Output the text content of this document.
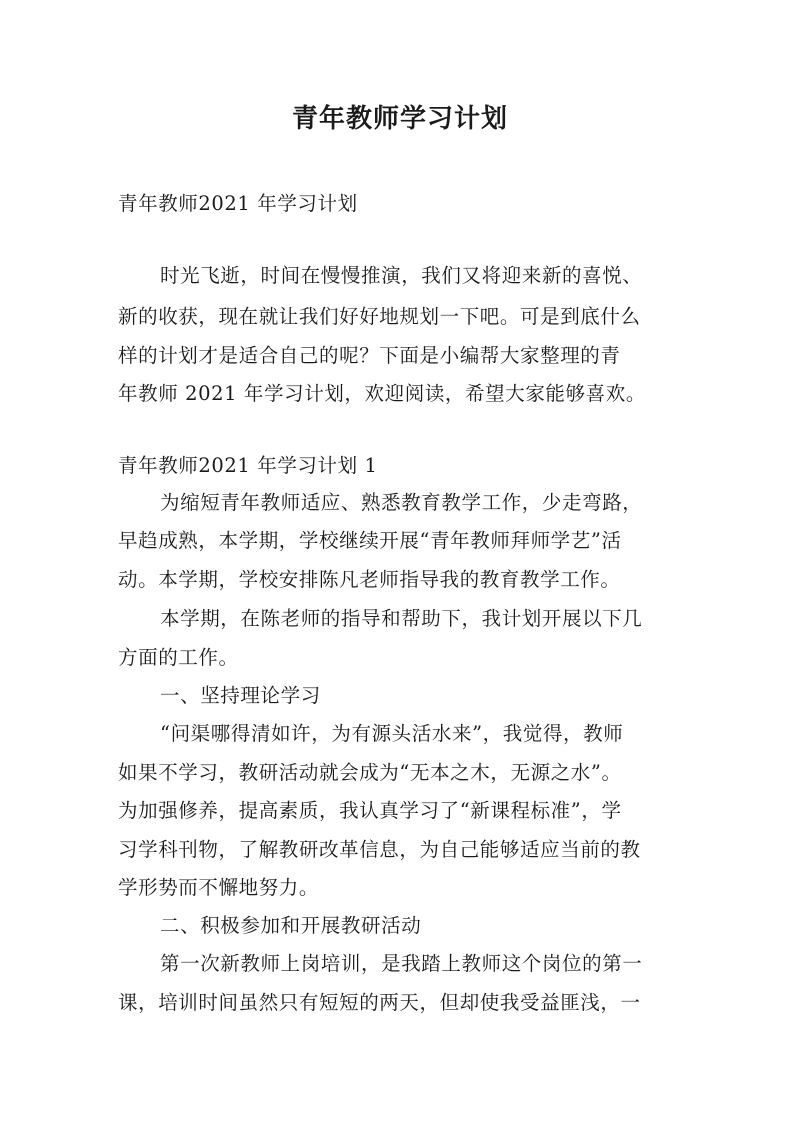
青年教师学习计划
青年教师2021 年学习计划
时光飞逝，时间在慢慢推演，我们又将迎来新的喜悦、
新的收获，现在就让我们好好地规划一下吧。可是到底什么
样的计划才是适合自己的呢？下面是小编帮大家整理的青
年教师 2021 年学习计划，欢迎阅读，希望大家能够喜欢。
青年教师2021 年学习计划 1
为缩短青年教师适应、熟悉教育教学工作，少走弯路，
早趋成熟，本学期，学校继续开展“青年教师拜师学艺”活
动。本学期，学校安排陈凡老师指导我的教育教学工作。
本学期，在陈老师的指导和帮助下，我计划开展以下几
方面的工作。
一、坚持理论学习
“问渠哪得清如许，为有源头活水来”，我觉得，教师
如果不学习，教研活动就会成为“无本之木，无源之水”。
为加强修养，提高素质，我认真学习了“新课程标准”，学
习学科刊物，了解教研改革信息，为自己能够适应当前的教
学形势而不懈地努力。
二、积极参加和开展教研活动
第一次新教师上岗培训，是我踏上教师这个岗位的第一
课，培训时间虽然只有短短的两天，但却使我受益匪浅，一
